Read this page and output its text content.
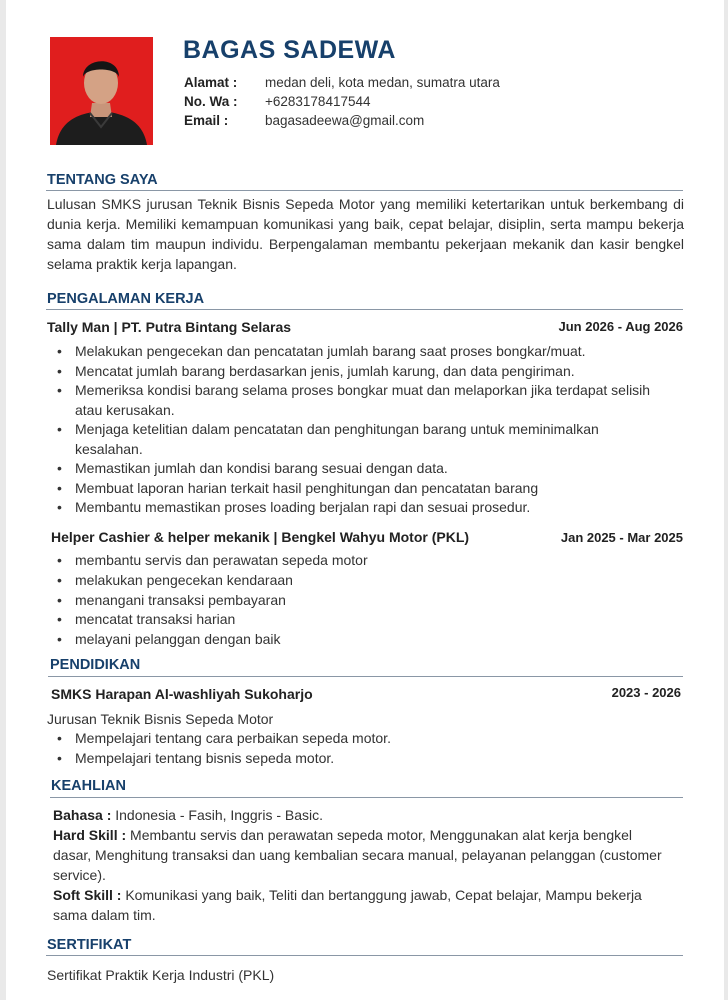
BAGAS SADEWA
Alamat :	medan deli, kota medan, sumatra utara
No. Wa :	+6283178417544
Email :	bagasadeewa@gmail.com
TENTANG SAYA
Lulusan SMKS jurusan Teknik Bisnis Sepeda Motor yang memiliki ketertarikan untuk berkembang di dunia kerja. Memiliki kemampuan komunikasi yang baik, cepat belajar, disiplin, serta mampu bekerja sama dalam tim maupun individu. Berpengalaman membantu pekerjaan mekanik dan kasir bengkel selama praktik kerja lapangan.
PENGALAMAN KERJA
Tally Man | PT. Putra Bintang Selaras	Jun 2026 - Aug 2026
• Melakukan pengecekan dan pencatatan jumlah barang saat proses bongkar/muat.
• Mencatat jumlah barang berdasarkan jenis, jumlah karung, dan data pengiriman.
• Memeriksa kondisi barang selama proses bongkar muat dan melaporkan jika terdapat selisih atau kerusakan.
• Menjaga ketelitian dalam pencatatan dan penghitungan barang untuk meminimalkan kesalahan.
• Memastikan jumlah dan kondisi barang sesuai dengan data.
• Membuat laporan harian terkait hasil penghitungan dan pencatatan barang
• Membantu memastikan proses loading berjalan rapi dan sesuai prosedur.
Helper Cashier & helper mekanik | Bengkel Wahyu Motor (PKL)	Jan 2025 - Mar 2025
• membantu servis dan perawatan sepeda motor
• melakukan pengecekan kendaraan
• menangani transaksi pembayaran
• mencatat transaksi harian
• melayani pelanggan dengan baik
PENDIDIKAN
SMKS Harapan Al-washliyah Sukoharjo	2023 - 2026
Jurusan Teknik Bisnis Sepeda Motor
• Mempelajari tentang cara perbaikan sepeda motor.
• Mempelajari tentang bisnis sepeda motor.
KEAHLIAN
Bahasa : Indonesia - Fasih, Inggris - Basic.
Hard Skill : Membantu servis dan perawatan sepeda motor, Menggunakan alat kerja bengkel dasar, Menghitung transaksi dan uang kembalian secara manual, pelayanan pelanggan (customer service).
Soft Skill : Komunikasi yang baik, Teliti dan bertanggung jawab, Cepat belajar, Mampu bekerja sama dalam tim.
SERTIFIKAT
Sertifikat Praktik Kerja Industri (PKL)
